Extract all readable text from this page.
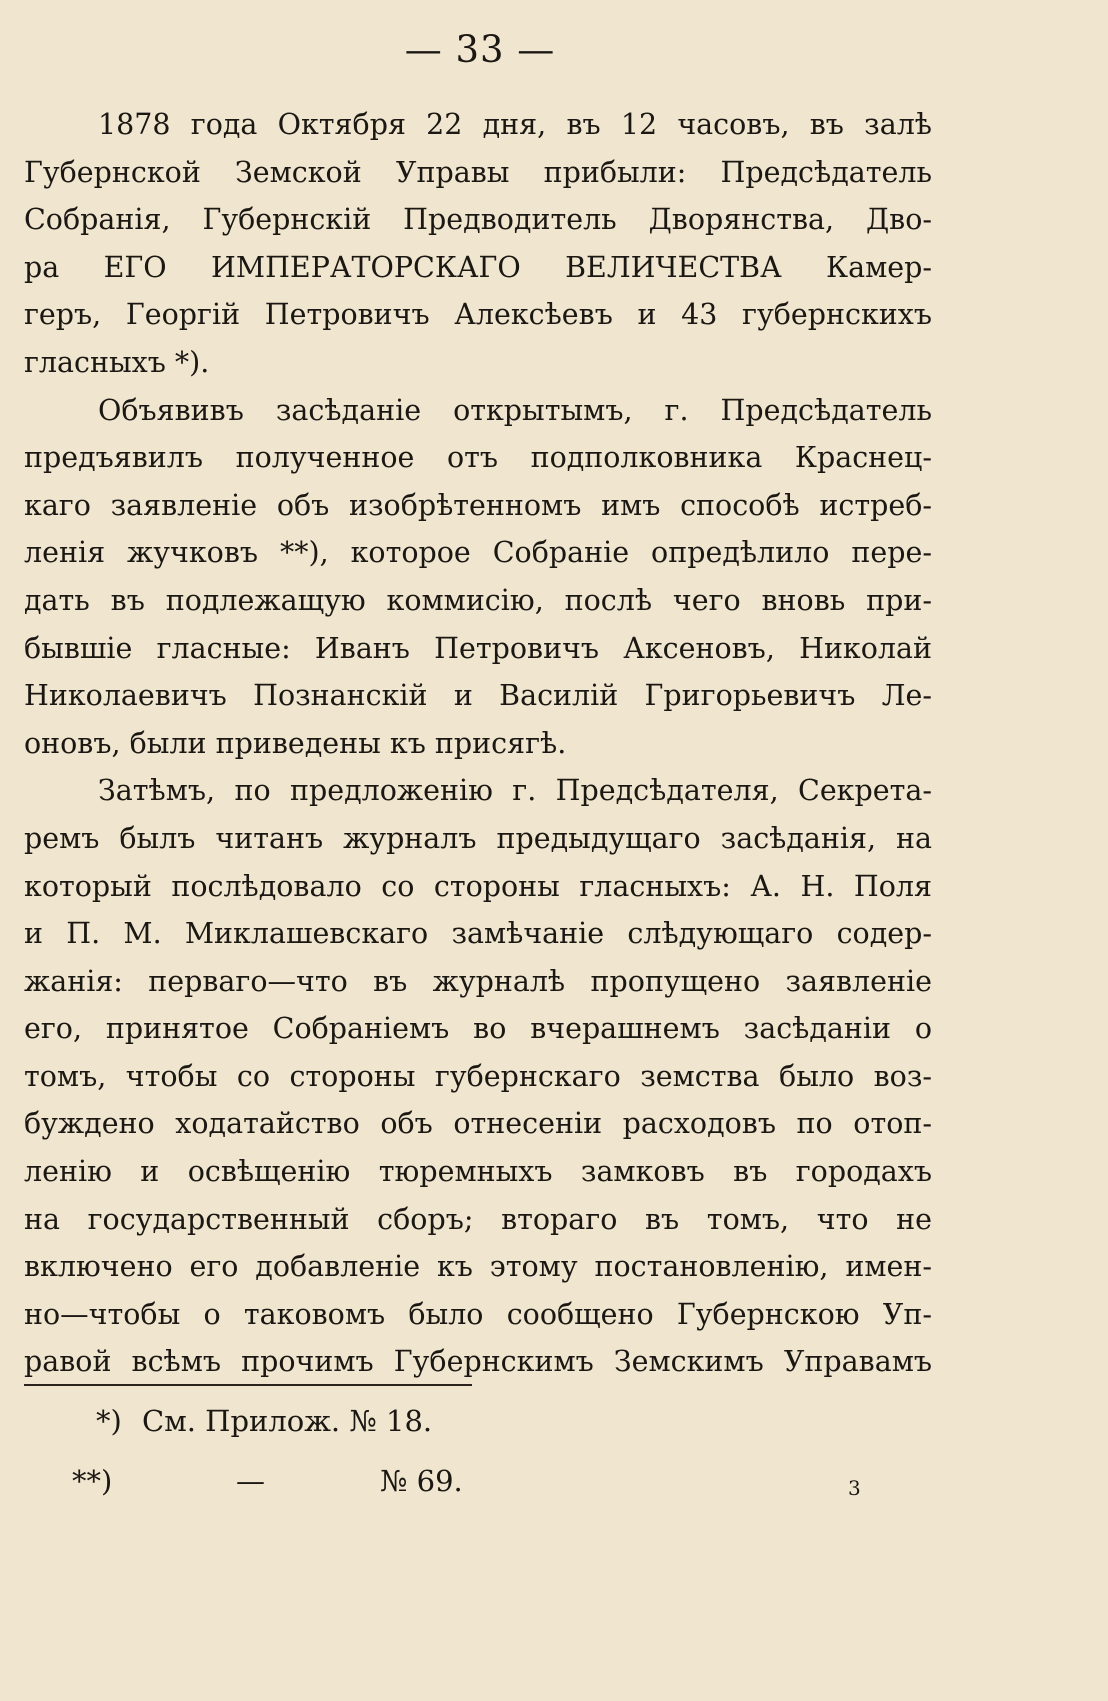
— 33 —
1878 года Октября 22 дня, въ 12 часовъ, въ залѣ
Губернской Земской Управы прибыли: Предсѣдатель
Собранія, Губернскій Предводитель Дворянства, Дво-
ра ЕГО ИМПЕРАТОРСКАГО ВЕЛИЧЕСТВА Камер-
геръ, Георгій Петровичъ Алексѣевъ и 43 губернскихъ
гласныхъ *).
Объявивъ засѣданіе открытымъ, г. Предсѣдатель
предъявилъ полученное отъ подполковника Краснец-
каго заявленіе объ изобрѣтенномъ имъ способѣ истреб-
ленія жучковъ **), которое Собраніе опредѣлило пере-
дать въ подлежащую коммисію, послѣ чего вновь при-
бывшіе гласные: Иванъ Петровичъ Аксеновъ, Николай
Николаевичъ Познанскій и Василій Григорьевичъ Ле-
оновъ, были приведены къ присягѣ.
Затѣмъ, по предложенію г. Предсѣдателя, Секрета-
ремъ былъ читанъ журналъ предыдущаго засѣданія, на
который послѣдовало со стороны гласныхъ: А. Н. Поля
и П. М. Миклашевскаго замѣчаніе слѣдующаго содер-
жанія: перваго—что въ журналѣ пропущено заявленіе
его, принятое Собраніемъ во вчерашнемъ засѣданіи о
томъ, чтобы со стороны губернскаго земства было воз-
буждено ходатайство объ отнесеніи расходовъ по отоп-
ленію и освѣщенію тюремныхъ замковъ въ городахъ
на государственный сборъ; втораго въ томъ, что не
включено его добавленіе къ этому постановленію, имен-
но—чтобы о таковомъ было сообщено Губернскою Уп-
равой всѣмъ прочимъ Губернскимъ Земскимъ Управамъ
*) См. Прилож. № 18.
**)	—	№ 69.	3
